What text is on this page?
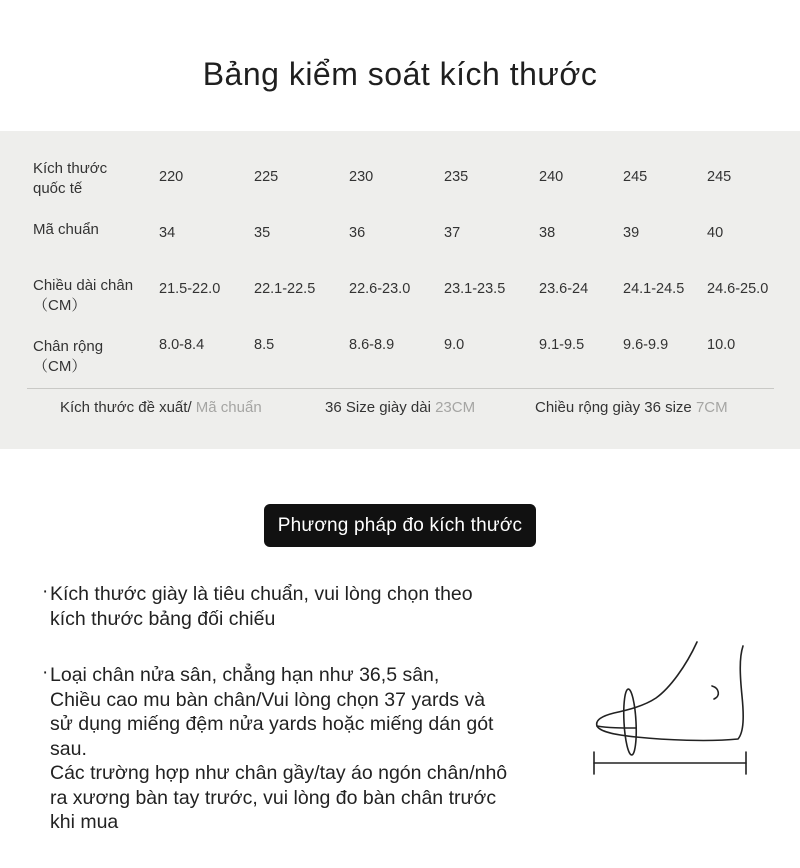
Bảng kiểm soát kích thước
Kích thước
quốc tế
220	225	230	235	240	245	245
Mã chuẩn	34	35	36	37	38	39	40
Chiều dài chân
（CM）
21.5-22.0 22.1-22.5 22.6-23.0 23.1-23.5 23.6-24 24.1-24.5 24.6-25.0
Chân rộng
（CM）
8.0-8.4	8.5	8.6-8.9	9.0	9.1-9.5	9.6-9.9	10.0
Kích thước đề xuất/ Mã chuẩn	36 Size giày dài 23CM	Chiều rộng giày 36 size 7CM
Phương pháp đo kích thước
· Kích thước giày là tiêu chuẩn, vui lòng chọn theo
kích thước bảng đối chiếu
· Loại chân nửa sân, chẳng hạn như 36,5 sân,
Chiều cao mu bàn chân/Vui lòng chọn 37 yards và
sử dụng miếng đệm nửa yards hoặc miếng dán gót
sau.
Các trường hợp như chân gầy/tay áo ngón chân/nhô
ra xương bàn tay trước, vui lòng đo bàn chân trước
khi mua
